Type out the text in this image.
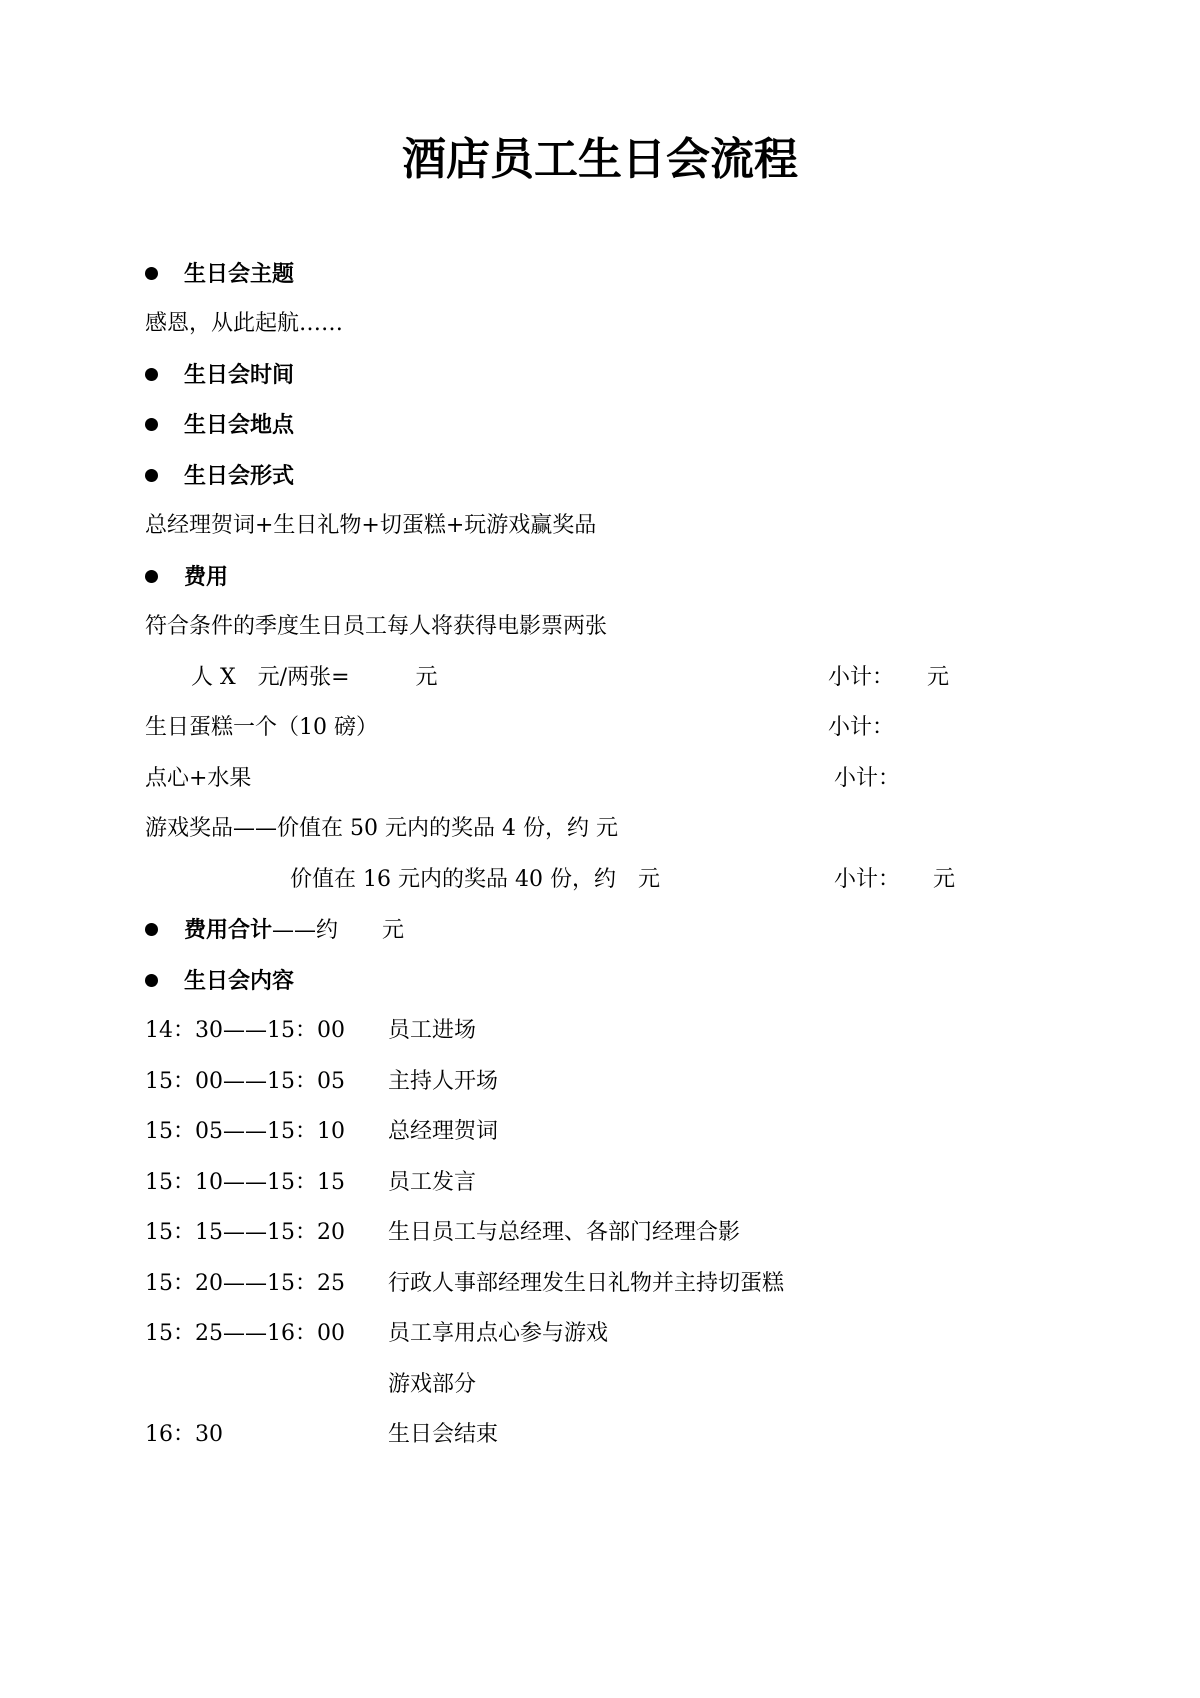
酒店员工生日会流程
生日会主题
感恩，从此起航……
生日会时间
生日会地点
生日会形式
总经理贺词+生日礼物+切蛋糕+玩游戏赢奖品
费用
符合条件的季度生日员工每人将获得电影票两张
人 X　元/两张=　　　元	小计：　　元
生日蛋糕一个（10 磅）	小计：
点心+水果	小计：
游戏奖品——价值在 50 元内的奖品 4 份，约 元
价值在 16 元内的奖品 40 份，约　元	小计：　　元
费用合计——约　　元
生日会内容
14：30——15：00 员工进场
15：00——15：05 主持人开场
15：05——15：10 总经理贺词
15：10——15：15 员工发言
15：15——15：20 生日员工与总经理、各部门经理合影
15：20——15：25 行政人事部经理发生日礼物并主持切蛋糕
15：25——16：00 员工享用点心参与游戏
游戏部分
16：30	生日会结束
